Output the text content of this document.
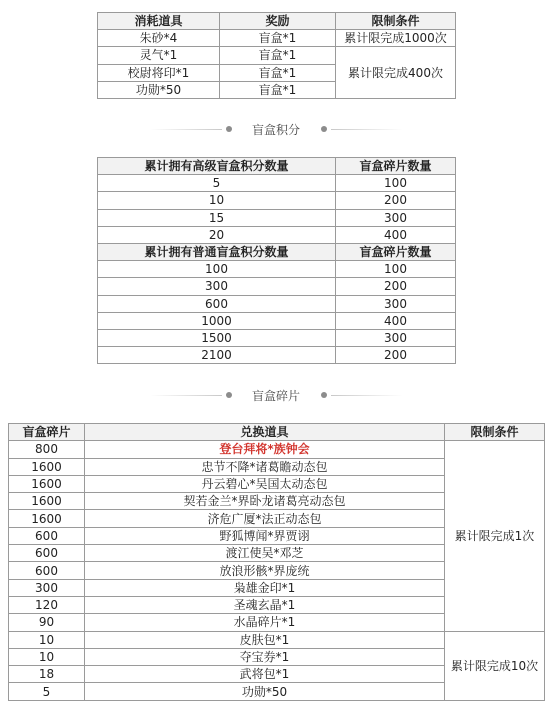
消耗道具	奖励	限制条件
朱砂*4	盲盒*1	累计限完成1000次
灵气*1	盲盒*1	累计限完成400次
校尉将印*1	盲盒*1	
功勋*50	盲盒*1	
盲盒积分
累计拥有高级盲盒积分数量	盲盒碎片数量
5	100
10	200
15	300
20	400
累计拥有普通盲盒积分数量	盲盒碎片数量
100	100
300	200
600	300
1000	400
1500	300
2100	200
盲盒碎片
盲盒碎片	兑换道具	限制条件
800	登台拜将*族钟会	累计限完成1次
1600	忠节不降*诸葛瞻动态包	
1600	丹云碧心*吴国太动态包	
1600	契若金兰*界卧龙诸葛亮动态包	
1600	济危广厦*法正动态包	
600	野狐博闻*界贾诩	
600	渡江使吴*邓芝	
600	放浪形骸*界庞统	
300	枭雄金印*1	
120	圣魂玄晶*1	
90	水晶碎片*1	
10	皮肤包*1	累计限完成10次
10	夺宝券*1	
18	武将包*1	
5	功勋*50	
